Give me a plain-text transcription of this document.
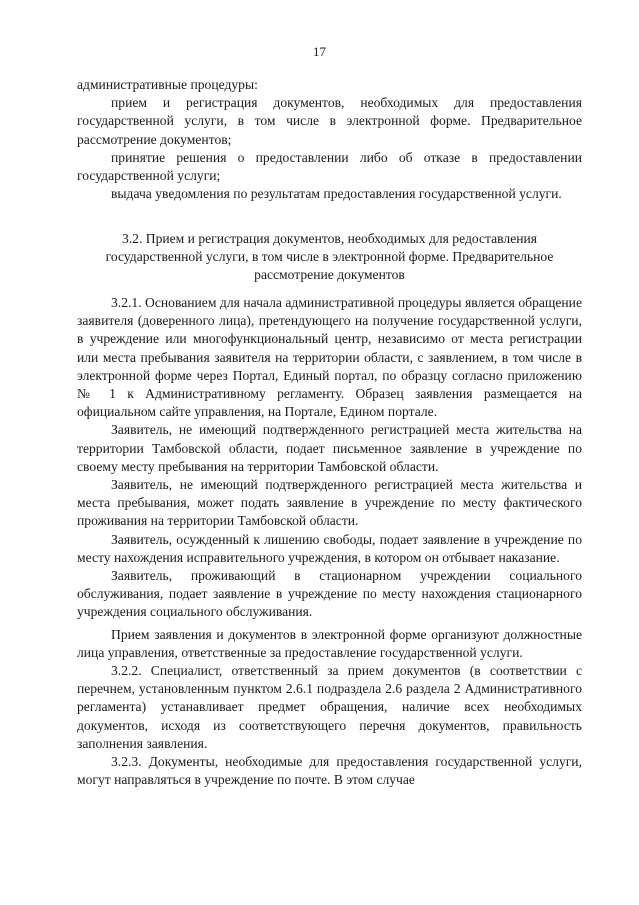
17

административные процедуры:

прием и регистрация документов, необходимых для предоставления государственной услуги, в том числе в электронной форме. Предварительное рассмотрение документов;

принятие решения о предоставлении либо об отказе в предоставлении государственной услуги;

выдача уведомления по результатам предоставления государственной услуги.

3.2. Прием и регистрация документов, необходимых для редоставления государственной услуги, в том числе в электронной форме. Предварительное рассмотрение документов

3.2.1. Основанием для начала административной процедуры является обращение заявителя (доверенного лица), претендующего на получение государственной услуги, в учреждение или многофункциональный центр, независимо от места регистрации или места пребывания заявителя на территории области, с заявлением, в том числе в электронной форме через Портал, Единый портал, по образцу согласно приложению № 1 к Административному регламенту. Образец заявления размещается на официальном сайте управления, на Портале, Едином портале.

Заявитель, не имеющий подтвержденного регистрацией места жительства на территории Тамбовской области, подает письменное заявление в учреждение по своему месту пребывания на территории Тамбовской области.

Заявитель, не имеющий подтвержденного регистрацией места жительства и места пребывания, может подать заявление в учреждение по месту фактического проживания на территории Тамбовской области.

Заявитель, осужденный к лишению свободы, подает заявление в учреждение по месту нахождения исправительного учреждения, в котором он отбывает наказание.

Заявитель, проживающий в стационарном учреждении социального обслуживания, подает заявление в учреждение по месту нахождения стационарного учреждения социального обслуживания.

Прием заявления и документов в электронной форме организуют должностные лица управления, ответственные за предоставление государственной услуги.

3.2.2. Специалист, ответственный за прием документов (в соответствии с перечнем, установленным пунктом 2.6.1 подраздела 2.6 раздела 2 Административного регламента) устанавливает предмет обращения, наличие всех необходимых документов, исходя из соответствующего перечня документов, правильность заполнения заявления.

3.2.3. Документы, необходимые для предоставления государственной услуги, могут направляться в учреждение по почте. В этом случае
